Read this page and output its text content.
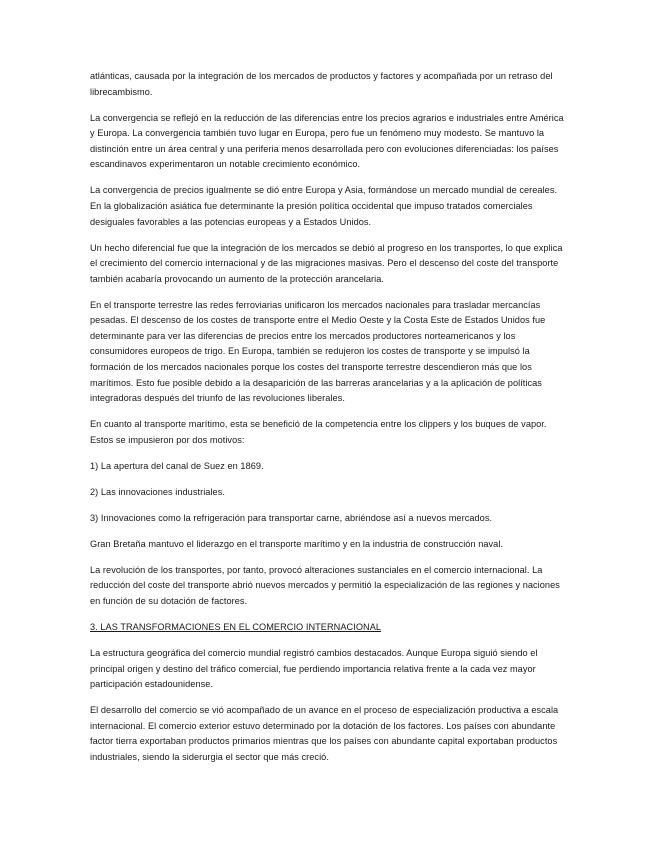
atlánticas, causada por la integración de los mercados de productos y factores y acompañada por un retraso del librecambismo.

La convergencia se reflejó en la reducción de las diferencias entre los precios agrarios e industriales entre América y Europa. La convergencia también tuvo lugar en Europa, pero fue un fenómeno muy modesto. Se mantuvo la distinción entre un área central y una periferia menos desarrollada pero con evoluciones diferenciadas: los países escandinavos experimentaron un notable crecimiento económico.

La convergencia de precios igualmente se dió entre Europa y Asia, formándose un mercado mundial de cereales. En la globalización asiática fue determinante la presión política occidental que impuso tratados comerciales desiguales favorables a las potencias europeas y a Estados Unidos.

Un hecho diferencial fue que la integración de los mercados se debió al progreso en los transportes, lo que explica el crecimiento del comercio internacional y de las migraciones masivas. Pero el descenso del coste del transporte también acabaría provocando un aumento de la protección arancelaria.

En el transporte terrestre las redes ferroviarias unificaron los mercados nacionales para trasladar mercancías pesadas. El descenso de los costes de transporte entre el Medio Oeste y la Costa Este de Estados Unidos fue determinante para ver las diferencias de precios entre los mercados productores norteamericanos y los consumidores europeos de trigo. En Europa, también se redujeron los costes de transporte y se impulsó la formación de los mercados nacionales porque los costes del transporte terrestre descendieron más que los marítimos. Esto fue posible debido a la desaparición de las barreras arancelarias y a la aplicación de políticas integradoras después del triunfo de las revoluciones liberales.

En cuanto al transporte marítimo, esta se benefició de la competencia entre los clippers y los buques de vapor. Estos se impusieron por dos motivos:

1) La apertura del canal de Suez en 1869.

2) Las innovaciones industriales.

3) Innovaciones como la refrigeración para transportar carne, abriéndose así a nuevos mercados.

Gran Bretaña mantuvo el liderazgo en el transporte marítimo y en la industria de construcción naval.

La revolución de los transportes, por tanto, provocó alteraciones sustanciales en el comercio internacional. La reducción del coste del transporte abrió nuevos mercados y permitió la especialización de las regiones y naciones en función de su dotación de factores.

3. LAS TRANSFORMACIONES EN EL COMERCIO INTERNACIONAL

La estructura geográfica del comercio mundial registró cambios destacados. Aunque Europa siguió siendo el principal origen y destino del tráfico comercial, fue perdiendo importancia relativa frente a la cada vez mayor participación estadounidense.

El desarrollo del comercio se vió acompañado de un avance en el proceso de especialización productiva a escala internacional. El comercio exterior estuvo determinado por la dotación de los factores. Los países con abundante factor tierra exportaban productos primarios mientras que los países con abundante capital exportaban productos industriales, siendo la siderurgia el sector que más creció.
